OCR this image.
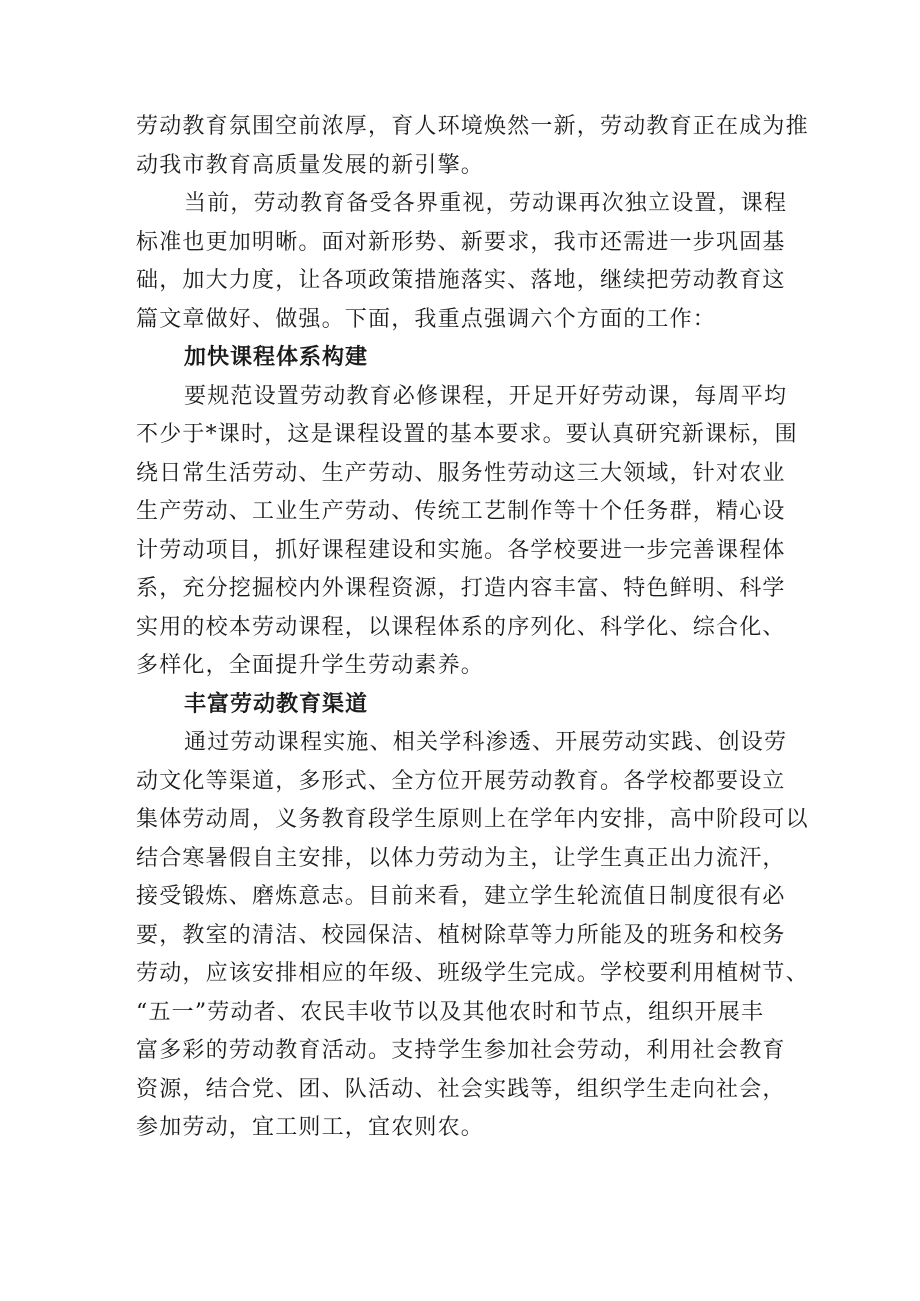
劳动教育氛围空前浓厚，育人环境焕然一新，劳动教育正在成为推
动我市教育高质量发展的新引擎。
当前，劳动教育备受各界重视，劳动课再次独立设置，课程
标准也更加明晰。面对新形势、新要求，我市还需进一步巩固基
础，加大力度，让各项政策措施落实、落地，继续把劳动教育这
篇文章做好、做强。下面，我重点强调六个方面的工作：
加快课程体系构建
要规范设置劳动教育必修课程，开足开好劳动课，每周平均
不少于*课时，这是课程设置的基本要求。要认真研究新课标，围
绕日常生活劳动、生产劳动、服务性劳动这三大领域，针对农业
生产劳动、工业生产劳动、传统工艺制作等十个任务群，精心设
计劳动项目，抓好课程建设和实施。各学校要进一步完善课程体
系，充分挖掘校内外课程资源，打造内容丰富、特色鲜明、科学
实用的校本劳动课程，以课程体系的序列化、科学化、综合化、
多样化，全面提升学生劳动素养。
丰富劳动教育渠道
通过劳动课程实施、相关学科渗透、开展劳动实践、创设劳
动文化等渠道，多形式、全方位开展劳动教育。各学校都要设立
集体劳动周，义务教育段学生原则上在学年内安排，高中阶段可以
结合寒暑假自主安排，以体力劳动为主，让学生真正出力流汗，
接受锻炼、磨炼意志。目前来看，建立学生轮流值日制度很有必
要，教室的清洁、校园保洁、植树除草等力所能及的班务和校务
劳动，应该安排相应的年级、班级学生完成。学校要利用植树节、
“五一”劳动者、农民丰收节以及其他农时和节点，组织开展丰
富多彩的劳动教育活动。支持学生参加社会劳动，利用社会教育
资源，结合党、团、队活动、社会实践等，组织学生走向社会，
参加劳动，宜工则工，宜农则农。
